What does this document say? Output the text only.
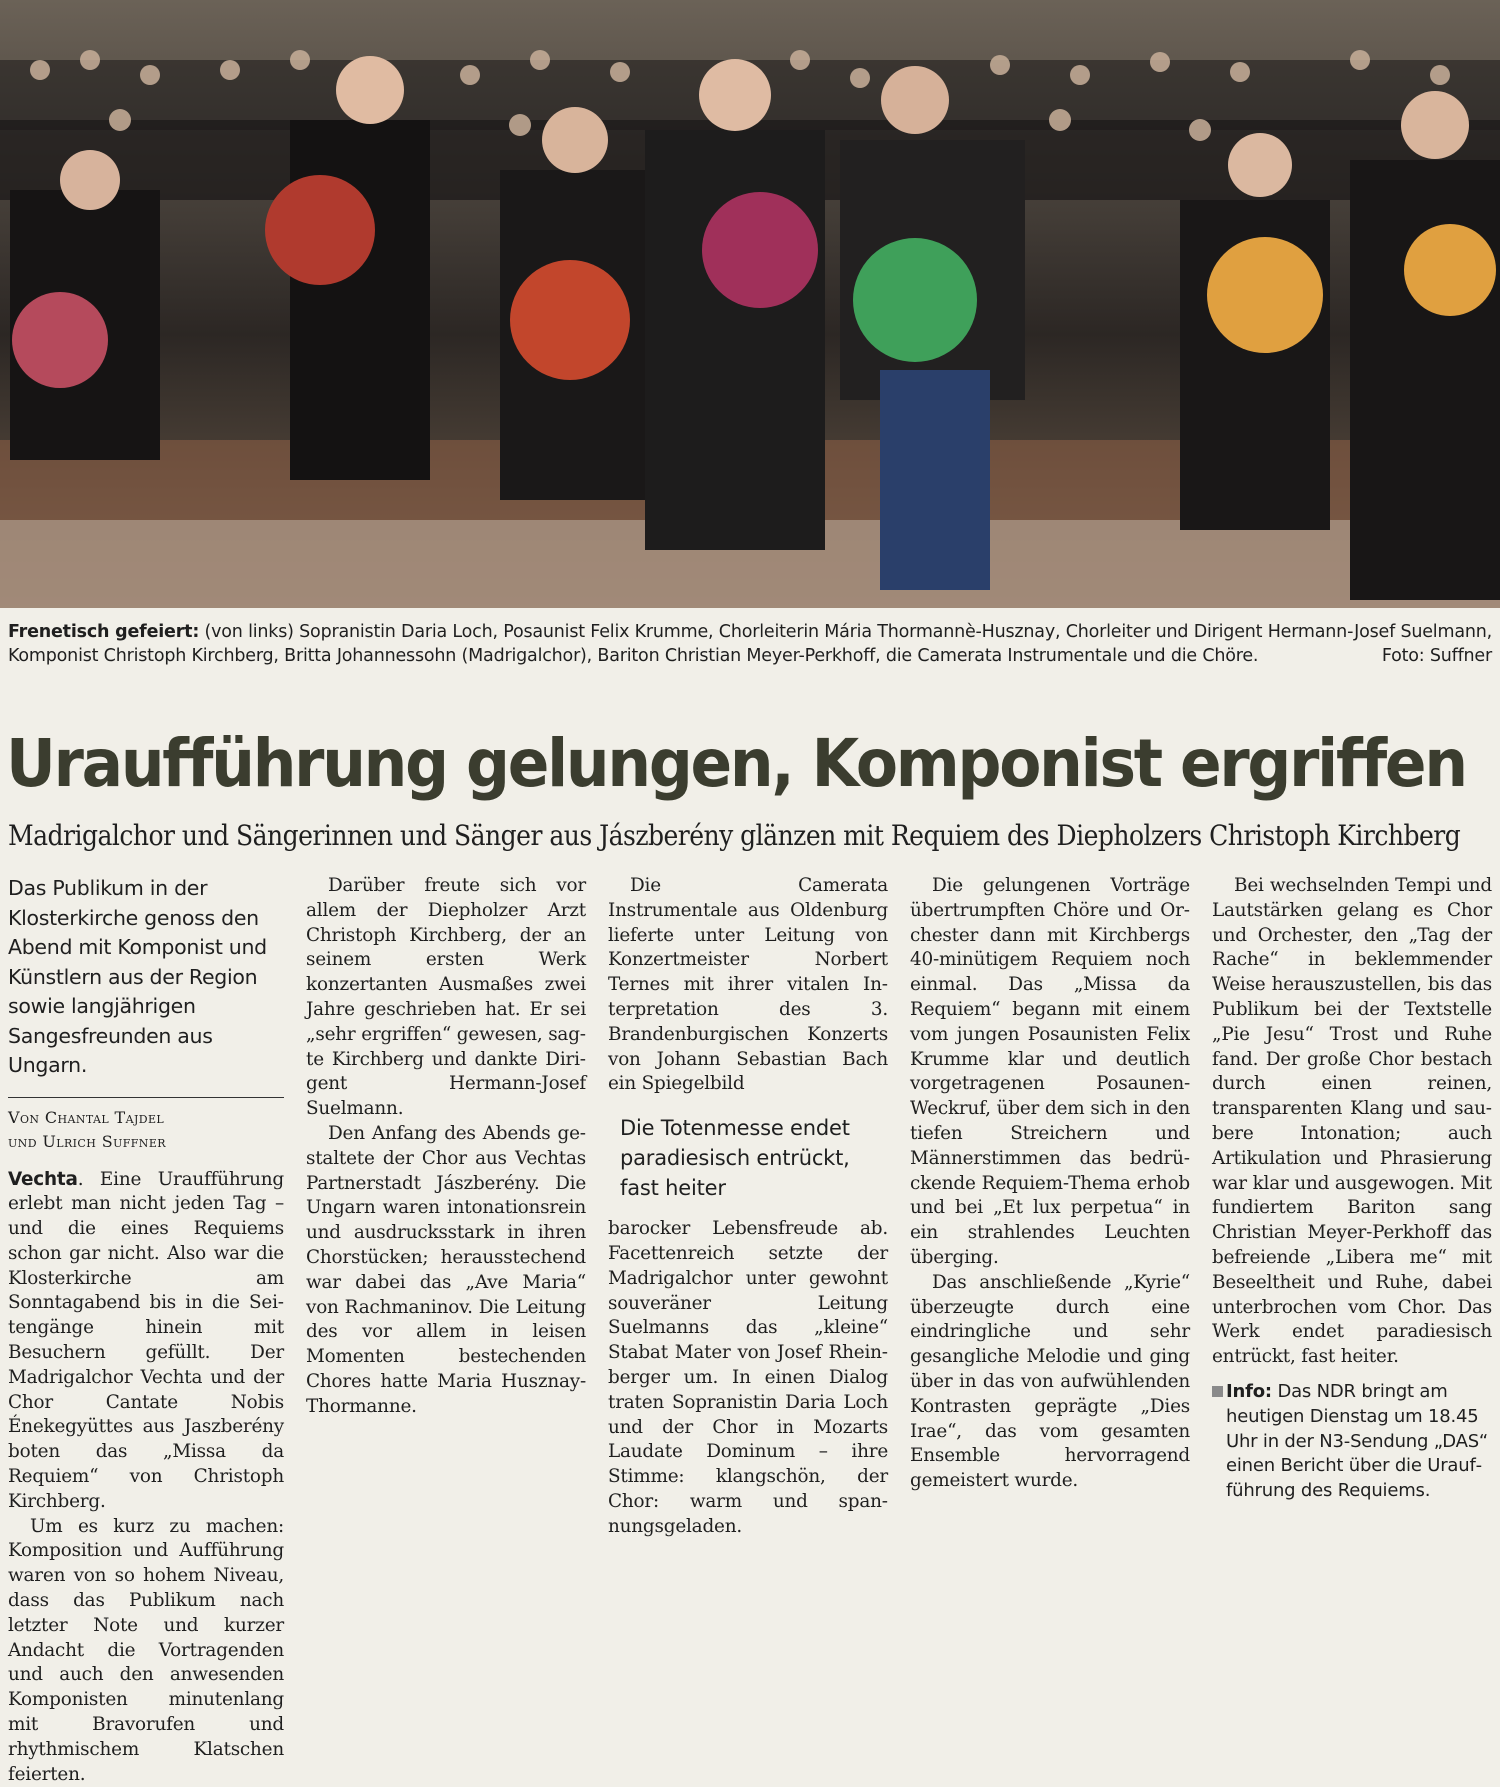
Frenetisch gefeiert: (von links) Sopranistin Daria Loch, Posaunist Felix Krumme, Chorleiterin Mária Thormannè-Husznay, Chorleiter und Dirigent Hermann-Josef Suelmann, Komponist Christoph Kirchberg, Britta Johannessohn (Madrigalchor), Bariton Christian Meyer-Perkhoff, die Camerata Instrumentale und die Chöre.	Foto: Suffner
Uraufführung gelungen, Komponist ergriffen
Madrigalchor und Sängerinnen und Sänger aus Jászberény glänzen mit Requiem des Diepholzers Christoph Kirchberg
Das Publikum in der Klosterkirche genoss den Abend mit Komponist und Künstlern aus der Region sowie langjährigen Sangesfreunden aus Ungarn.
Von Chantal Tajdel
und Ulrich Suffner

Vechta. Eine Uraufführung erlebt man nicht jeden Tag – und die eines Requiems schon gar nicht. Also war die Klosterkirche am Sonntagabend bis in die Seitengänge hinein mit Besuchern gefüllt. Der Madrigalchor Vechta und der Chor Cantate Nobis Énekegyüttes aus Jaszberény boten das „Missa da Requiem“ von Christoph Kirchberg.

Um es kurz zu machen: Komposition und Aufführung waren von so hohem Niveau, dass das Publikum nach letzter Note und kurzer Andacht die Vortragenden und auch den anwesenden Komponisten minutenlang mit Bravorufen und rhythmischem Klatschen feierten.

Darüber freute sich vor allem der Diepholzer Arzt Christoph Kirchberg, der an seinem ersten Werk konzertanten Ausmaßes zwei Jahre geschrieben hat. Er sei „sehr ergriffen“ gewesen, sagte Kirchberg und dankte Dirigent Hermann-Josef Suelmann.

Den Anfang des Abends gestaltete der Chor aus Vechtas Partnerstadt Jászberény. Die Ungarn waren intonationsrein und ausdrucksstark in ihren Chorstücken; herausstechend war dabei das „Ave Maria“ von Rachmaninov. Die Leitung des vor allem in leisen Momenten bestechenden Chores hatte Maria Husznay-Thormanne.

Die Camerata Instrumentale aus Oldenburg lieferte unter Leitung von Konzertmeister Norbert Ternes mit ihrer vitalen Interpretation des 3. Brandenburgischen Konzerts von Johann Sebastian Bach ein Spiegelbild

Die Totenmesse endet paradiesisch entrückt, fast heiter

barocker Lebensfreude ab. Facettenreich setzte der Madrigalchor unter gewohnt souveräner Leitung Suelmanns das „kleine“ Stabat Mater von Josef Rheinberger um. In einen Dialog traten Sopranistin Daria Loch und der Chor in Mozarts Laudate Dominum – ihre Stimme: klangschön, der Chor: warm und spannungsgeladen.

Die gelungenen Vorträge übertrumpften Chöre und Orchester dann mit Kirchbergs 40-minütigem Requiem noch einmal. Das „Missa da Requiem“ begann mit einem vom jungen Posaunisten Felix Krumme klar und deutlich vorgetragenen Posaunen-Weckruf, über dem sich in den tiefen Streichern und Männerstimmen das bedrückende Requiem-Thema erhob und bei „Et lux perpetua“ in ein strahlendes Leuchten überging.

Das anschließende „Kyrie“ überzeugte durch eine eindringliche und sehr gesangliche Melodie und ging über in das von aufwühlenden Kontrasten geprägte „Dies Irae“, das vom gesamten Ensemble hervorragend gemeistert wurde.

Bei wechselnden Tempi und Lautstärken gelang es Chor und Orchester, den „Tag der Rache“ in beklemmender Weise herauszustellen, bis das Publikum bei der Textstelle „Pie Jesu“ Trost und Ruhe fand. Der große Chor bestach durch einen reinen, transparenten Klang und saubere Intonation; auch Artikulation und Phrasierung war klar und ausgewogen. Mit fundiertem Bariton sang Christian Meyer-Perkhoff das befreiende „Libera me“ mit Beseeltheit und Ruhe, dabei unterbrochen vom Chor. Das Werk endet paradiesisch entrückt, fast heiter.

Info: Das NDR bringt am heutigen Dienstag um 18.45 Uhr in der N3-Sendung „DAS“ einen Bericht über die Uraufführung des Requiems.
